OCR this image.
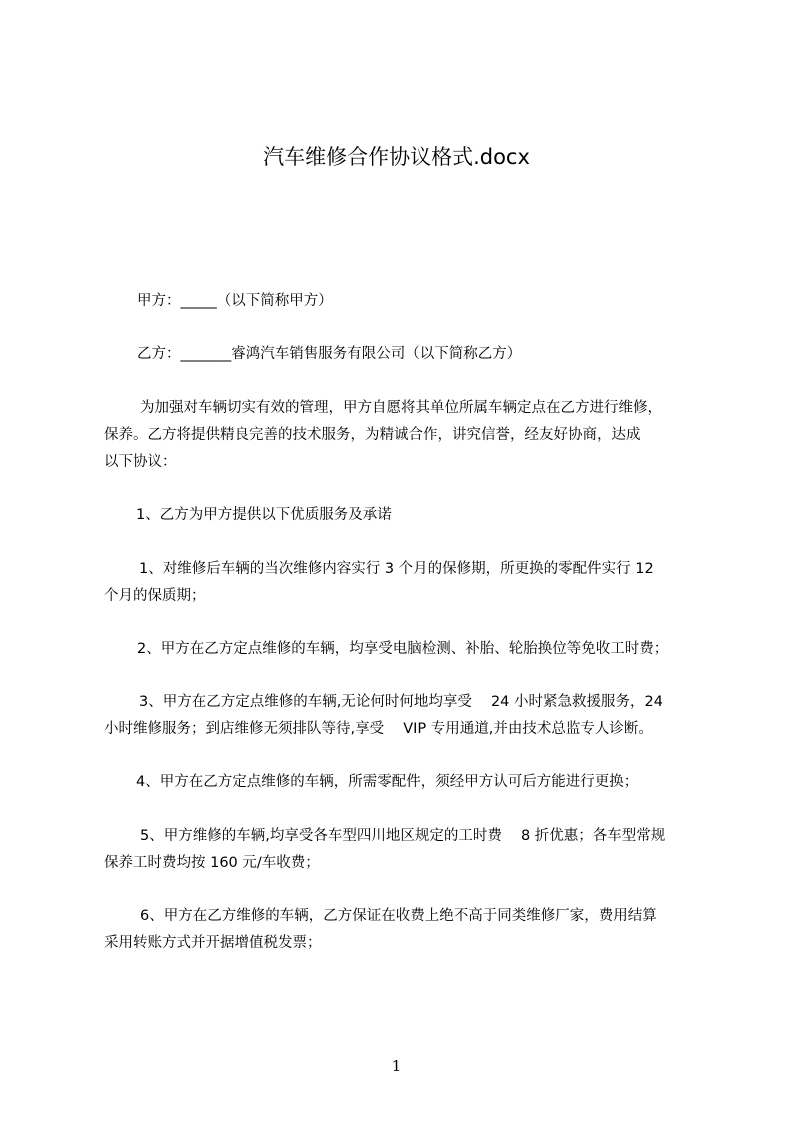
汽车维修合作协议格式.docx
甲方：_____（以下简称甲方）
乙方：_______睿鸿汽车销售服务有限公司（以下简称乙方）
为加强对车辆切实有效的管理，甲方自愿将其单位所属车辆定点在乙方进行维修，
保养。乙方将提供精良完善的技术服务，为精诚合作，讲究信誉，经友好协商，达成
以下协议：
1、乙方为甲方提供以下优质服务及承诺
1、对维修后车辆的当次维修内容实行 3 个月的保修期，所更换的零配件实行 12
个月的保质期；
2、甲方在乙方定点维修的车辆，均享受电脑检测、补胎、轮胎换位等免收工时费；
3、甲方在乙方定点维修的车辆,无论何时何地均享受　 24 小时紧急救援服务，24
小时维修服务；到店维修无须排队等待,享受　 VIP 专用通道,并由技术总监专人诊断。
4、甲方在乙方定点维修的车辆，所需零配件，须经甲方认可后方能进行更换；
5、甲方维修的车辆,均享受各车型四川地区规定的工时费　 8 折优惠；各车型常规
保养工时费均按 160 元/车收费；
6、甲方在乙方维修的车辆，乙方保证在收费上绝不高于同类维修厂家，费用结算
采用转账方式并开据增值税发票；
1
